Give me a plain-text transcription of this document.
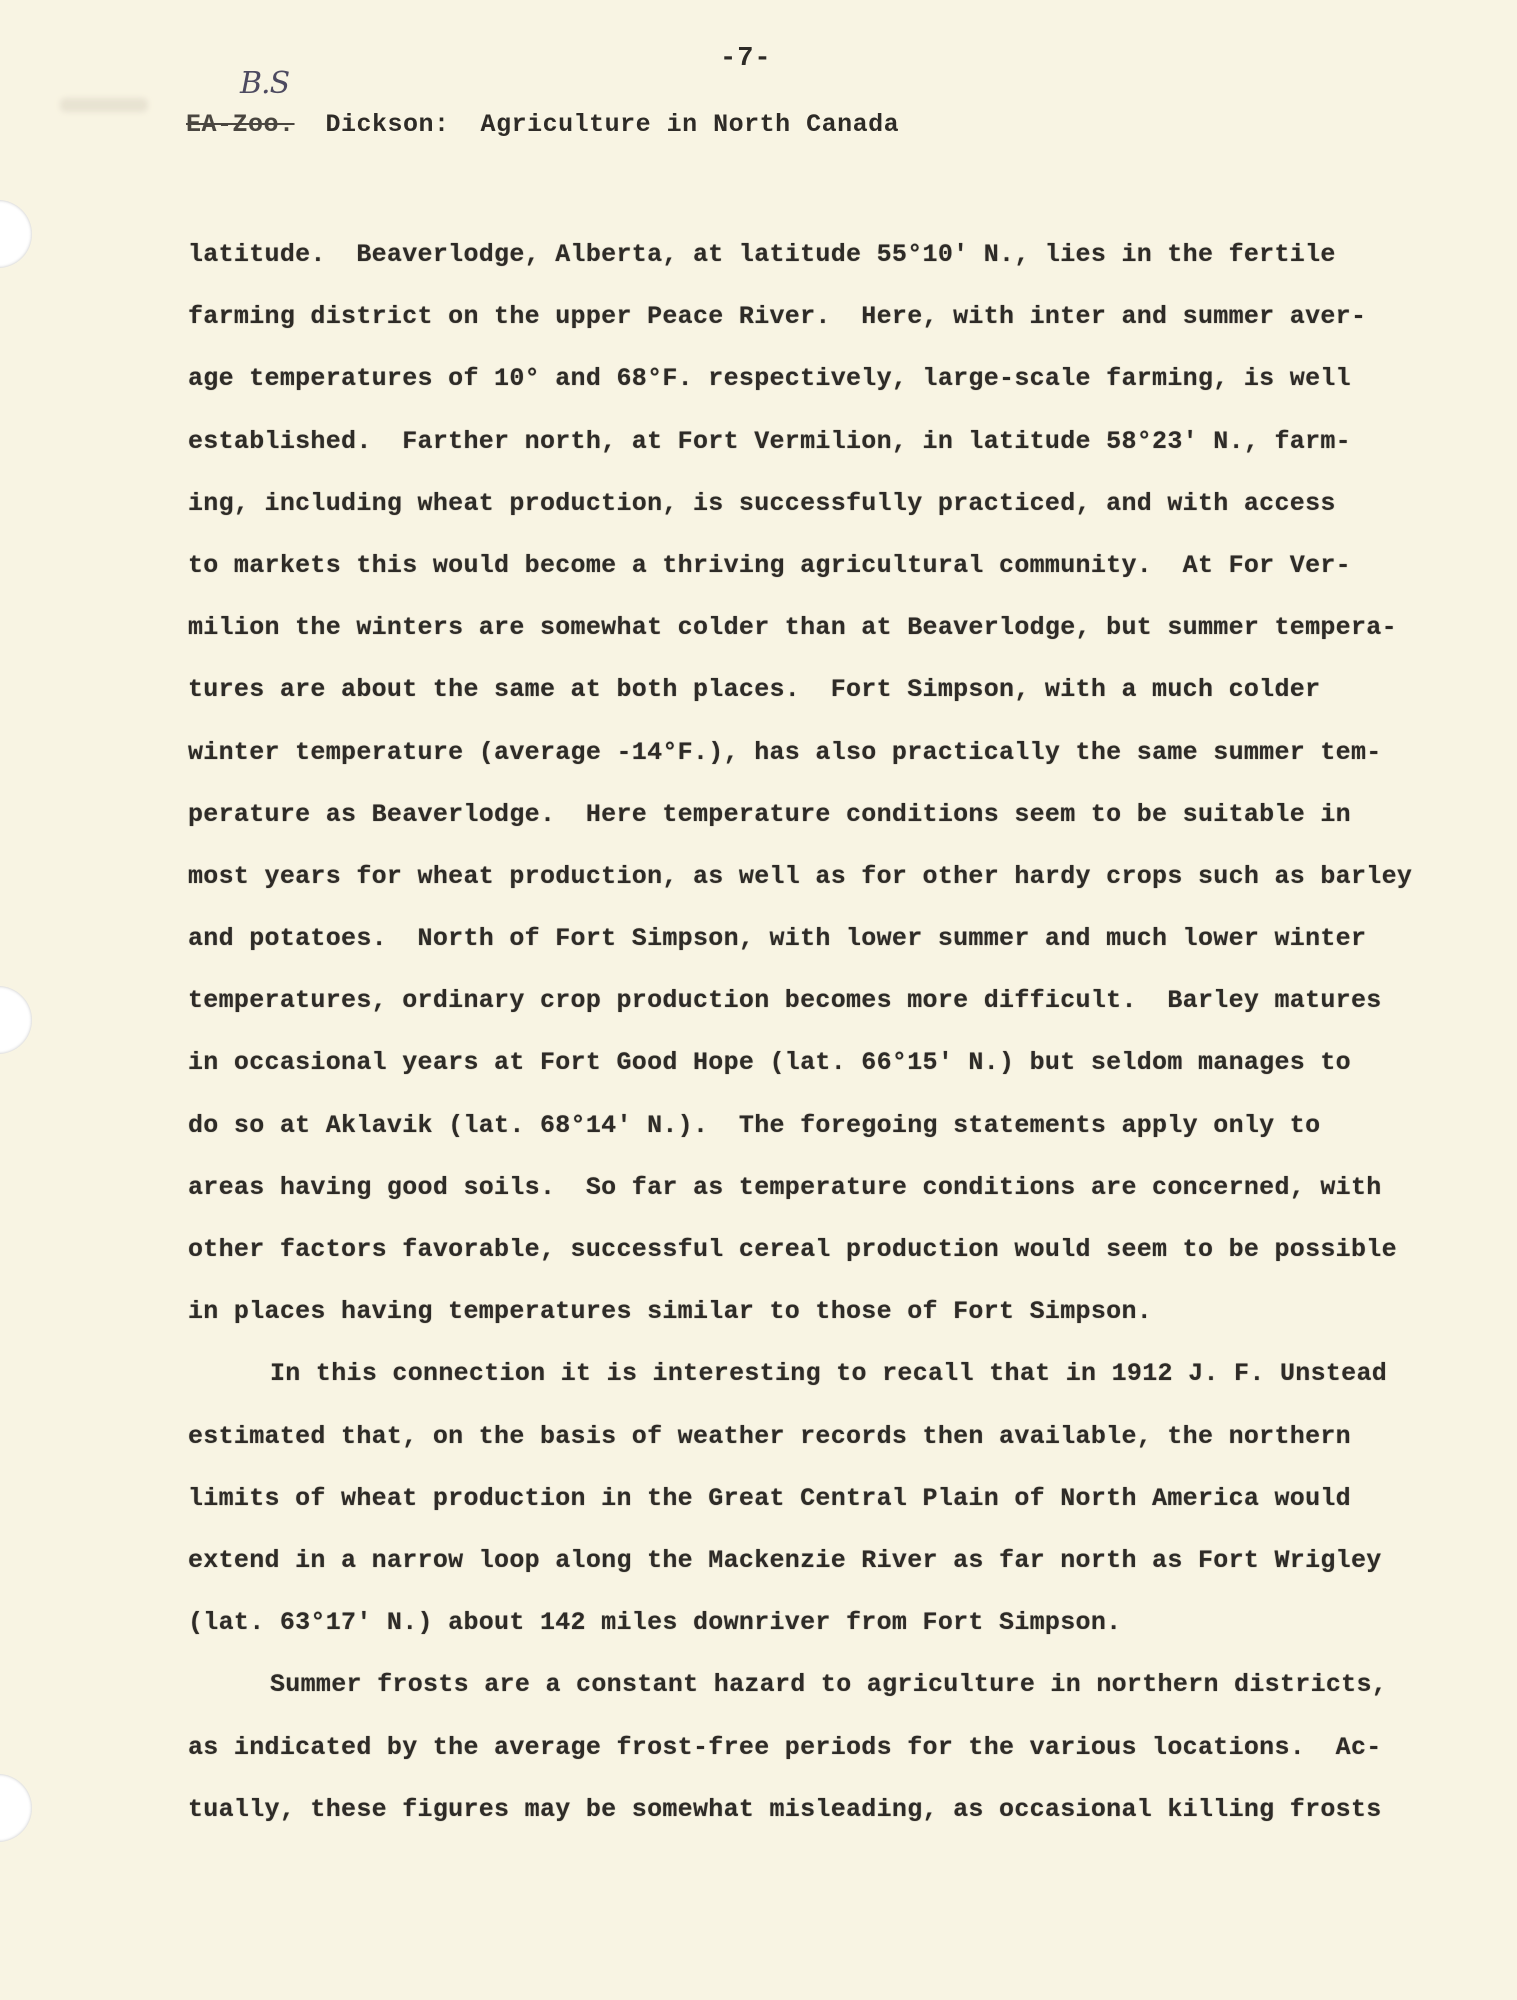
-7-
B.S
EA-Zoo.  Dickson:  Agriculture in North Canada
latitude.  Beaverlodge, Alberta, at latitude 55°10' N., lies in the fertile
farming district on the upper Peace River.  Here, with inter and summer aver-
age temperatures of 10° and 68°F. respectively, large-scale farming, is well
established.  Farther north, at Fort Vermilion, in latitude 58°23' N., farm-
ing, including wheat production, is successfully practiced, and with access
to markets this would become a thriving agricultural community.  At For Ver-
milion the winters are somewhat colder than at Beaverlodge, but summer tempera-
tures are about the same at both places.  Fort Simpson, with a much colder
winter temperature (average -14°F.), has also practically the same summer tem-
perature as Beaverlodge.  Here temperature conditions seem to be suitable in
most years for wheat production, as well as for other hardy crops such as barley
and potatoes.  North of Fort Simpson, with lower summer and much lower winter
temperatures, ordinary crop production becomes more difficult.  Barley matures
in occasional years at Fort Good Hope (lat. 66°15' N.) but seldom manages to
do so at Aklavik (lat. 68°14' N.).  The foregoing statements apply only to
areas having good soils.  So far as temperature conditions are concerned, with
other factors favorable, successful cereal production would seem to be possible
in places having temperatures similar to those of Fort Simpson.
In this connection it is interesting to recall that in 1912 J. F. Unstead
estimated that, on the basis of weather records then available, the northern
limits of wheat production in the Great Central Plain of North America would
extend in a narrow loop along the Mackenzie River as far north as Fort Wrigley
(lat. 63°17' N.) about 142 miles downriver from Fort Simpson.
Summer frosts are a constant hazard to agriculture in northern districts,
as indicated by the average frost-free periods for the various locations.  Ac-
tually, these figures may be somewhat misleading, as occasional killing frosts
